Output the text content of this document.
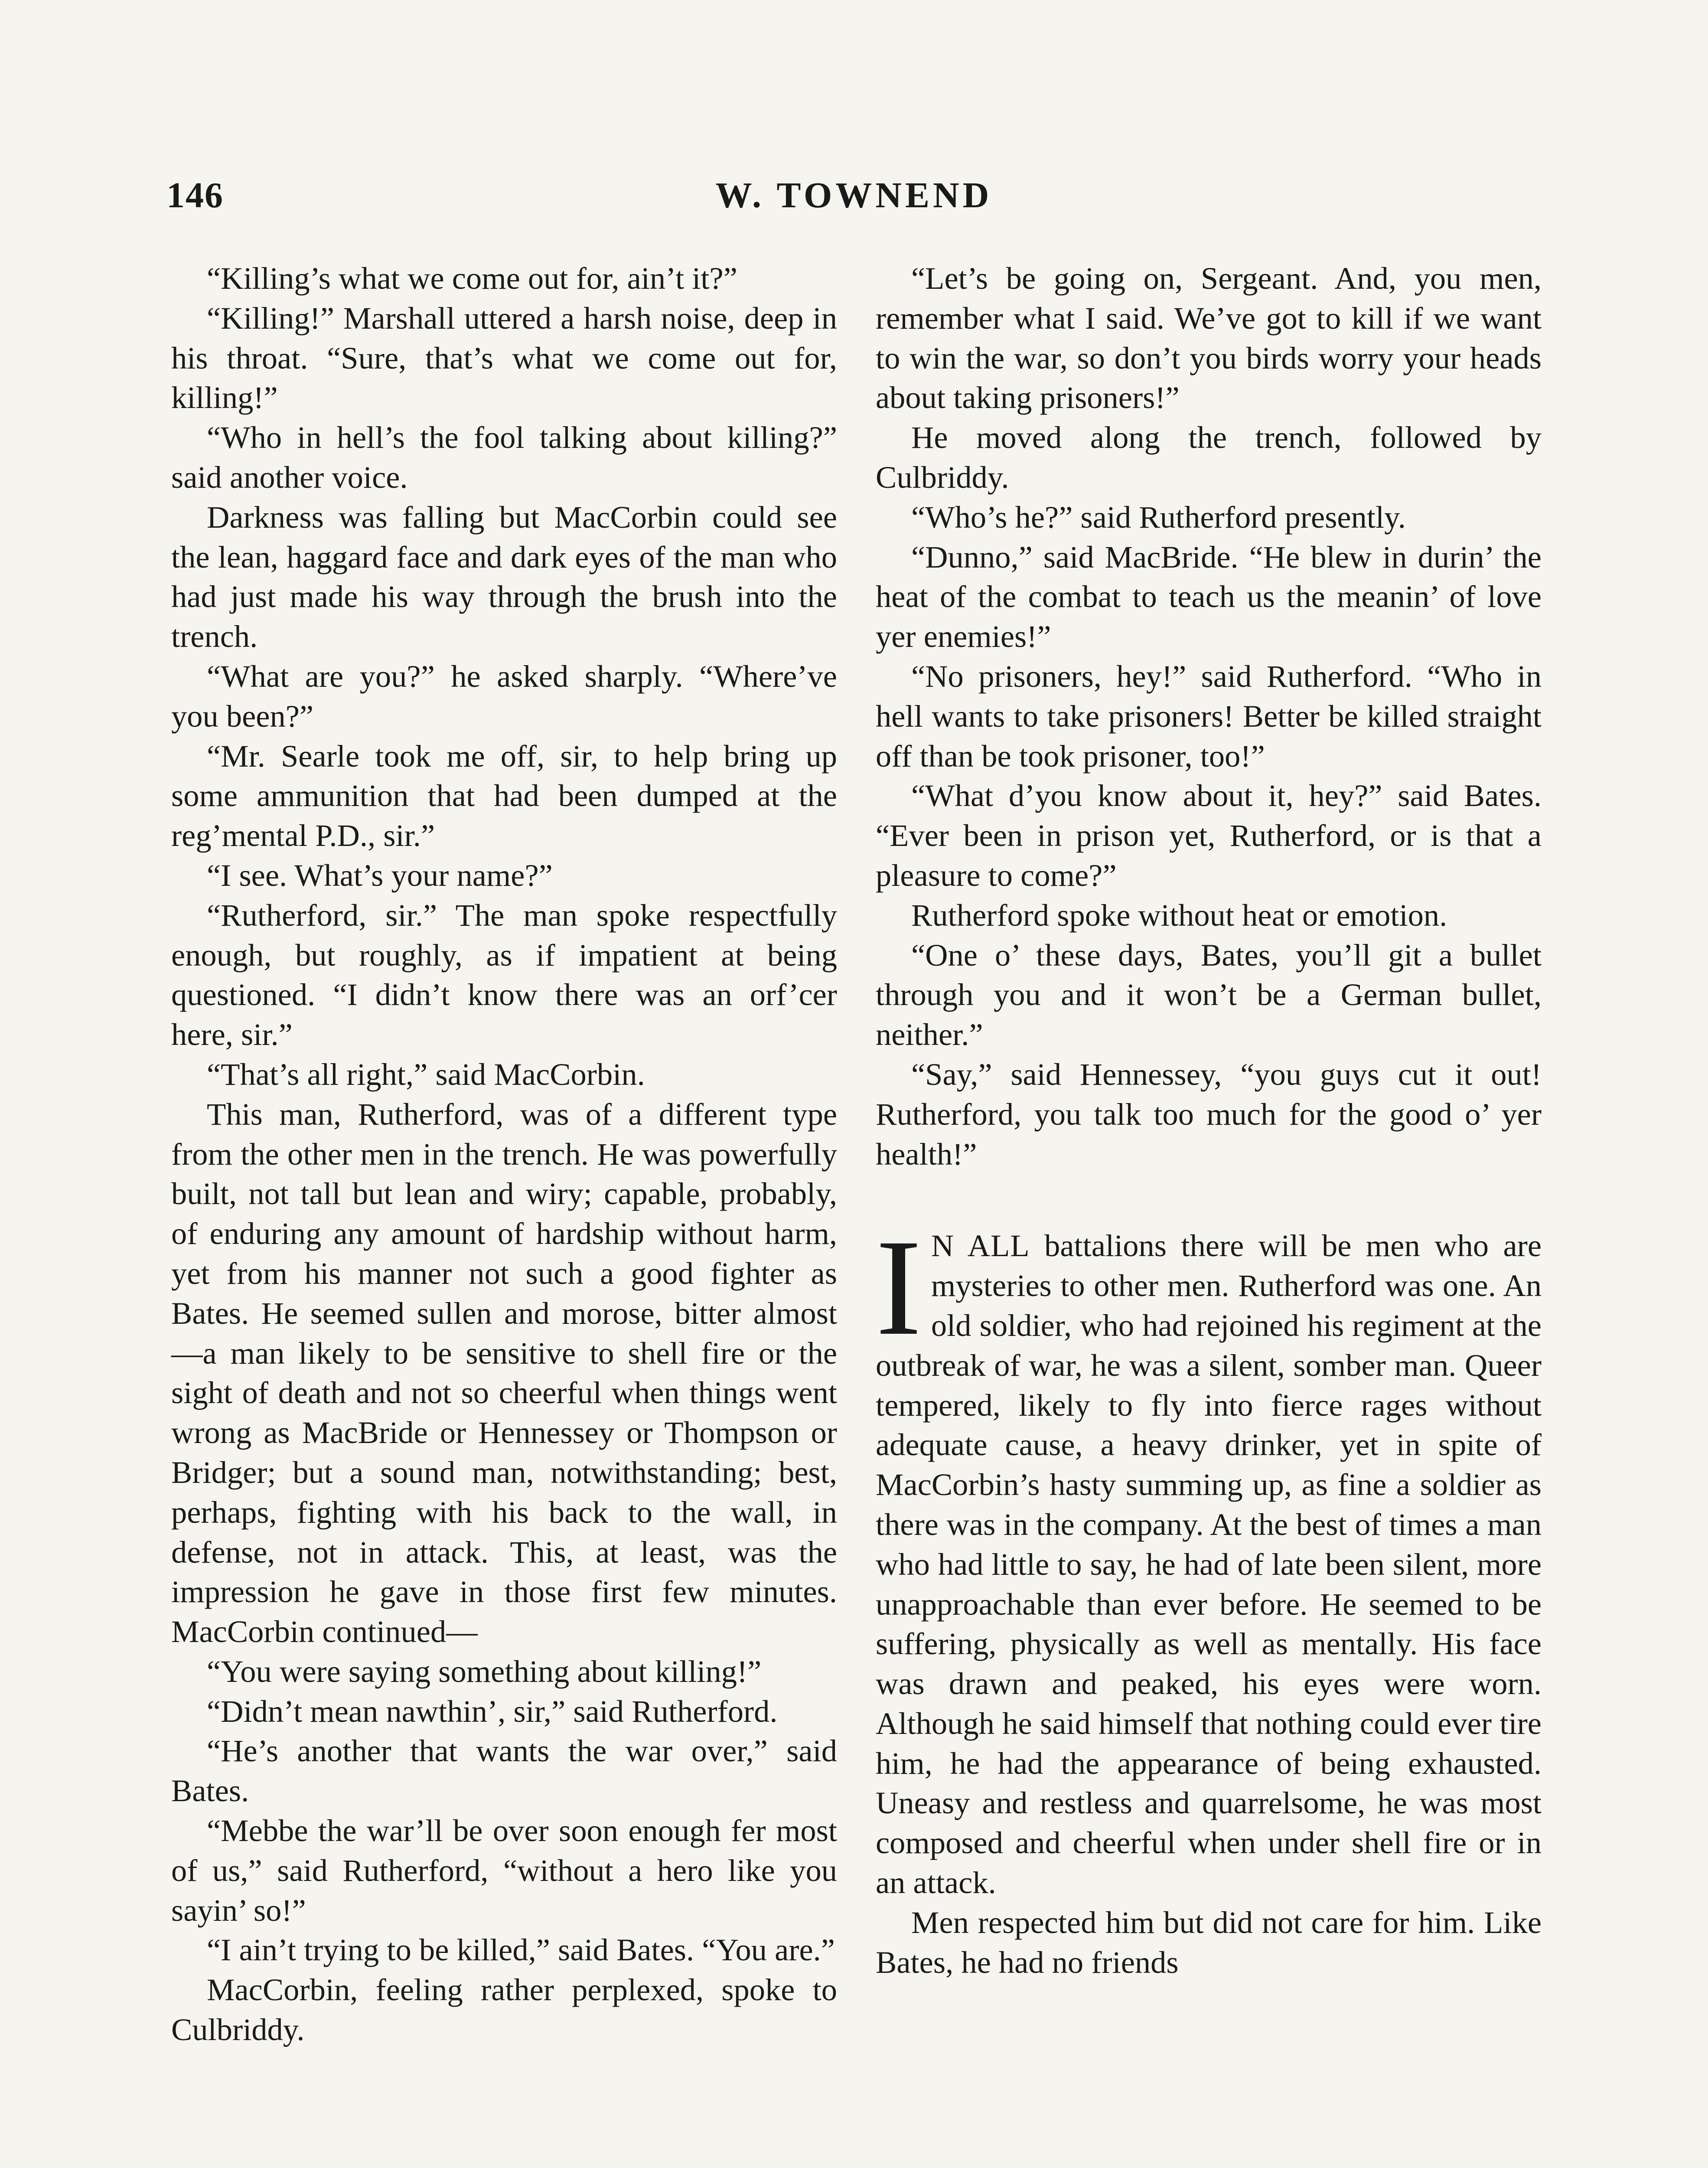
146	W. TOWNEND

“Killing’s what we come out for, ain’t it?”

“Killing!” Marshall uttered a harsh noise, deep in his throat. “Sure, that’s what we come out for, killing!”

“Who in hell’s the fool talking about killing?” said another voice.

Darkness was falling but MacCorbin could see the lean, haggard face and dark eyes of the man who had just made his way through the brush into the trench.

“What are you?” he asked sharply. “Where’ve you been?”

“Mr. Searle took me off, sir, to help bring up some ammunition that had been dumped at the reg’mental P.D., sir.”

“I see. What’s your name?”

“Rutherford, sir.” The man spoke respectfully enough, but roughly, as if impatient at being questioned. “I didn’t know there was an orf’cer here, sir.”

“That’s all right,” said MacCorbin.

This man, Rutherford, was of a different type from the other men in the trench. He was powerfully built, not tall but lean and wiry; capable, probably, of enduring any amount of hardship without harm, yet from his manner not such a good fighter as Bates. He seemed sullen and morose, bitter almost—a man likely to be sensitive to shell fire or the sight of death and not so cheerful when things went wrong as MacBride or Hennessey or Thompson or Bridger; but a sound man, notwithstanding; best, perhaps, fighting with his back to the wall, in defense, not in attack. This, at least, was the impression he gave in those first few minutes. MacCorbin continued—

“You were saying something about killing!”

“Didn’t mean nawthin’, sir,” said Rutherford.

“He’s another that wants the war over,” said Bates.

“Mebbe the war’ll be over soon enough fer most of us,” said Rutherford, “without a hero like you sayin’ so!”

“I ain’t trying to be killed,” said Bates. “You are.”

MacCorbin, feeling rather perplexed, spoke to Culbriddy.

“Let’s be going on, Sergeant. And, you men, remember what I said. We’ve got to kill if we want to win the war, so don’t you birds worry your heads about taking prisoners!”

He moved along the trench, followed by Culbriddy.

“Who’s he?” said Rutherford presently.

“Dunno,” said MacBride. “He blew in durin’ the heat of the combat to teach us the meanin’ of love yer enemies!”

“No prisoners, hey!” said Rutherford. “Who in hell wants to take prisoners! Better be killed straight off than be took prisoner, too!”

“What d’you know about it, hey?” said Bates. “Ever been in prison yet, Rutherford, or is that a pleasure to come?”

Rutherford spoke without heat or emotion.

“One o’ these days, Bates, you’ll git a bullet through you and it won’t be a German bullet, neither.”

“Say,” said Hennessey, “you guys cut it out! Rutherford, you talk too much for the good o’ yer health!”

I N ALL battalions there will be men who are mysteries to other men. Rutherford was one. An old soldier, who had rejoined his regiment at the outbreak of war, he was a silent, somber man. Queer tempered, likely to fly into fierce rages without adequate cause, a heavy drinker, yet in spite of MacCorbin’s hasty summing up, as fine a soldier as there was in the company. At the best of times a man who had little to say, he had of late been silent, more unapproachable than ever before. He seemed to be suffering, physically as well as mentally. His face was drawn and peaked, his eyes were worn. Although he said himself that nothing could ever tire him, he had the appearance of being exhausted. Uneasy and restless and quarrelsome, he was most composed and cheerful when under shell fire or in an attack.

Men respected him but did not care for him. Like Bates, he had no friends
